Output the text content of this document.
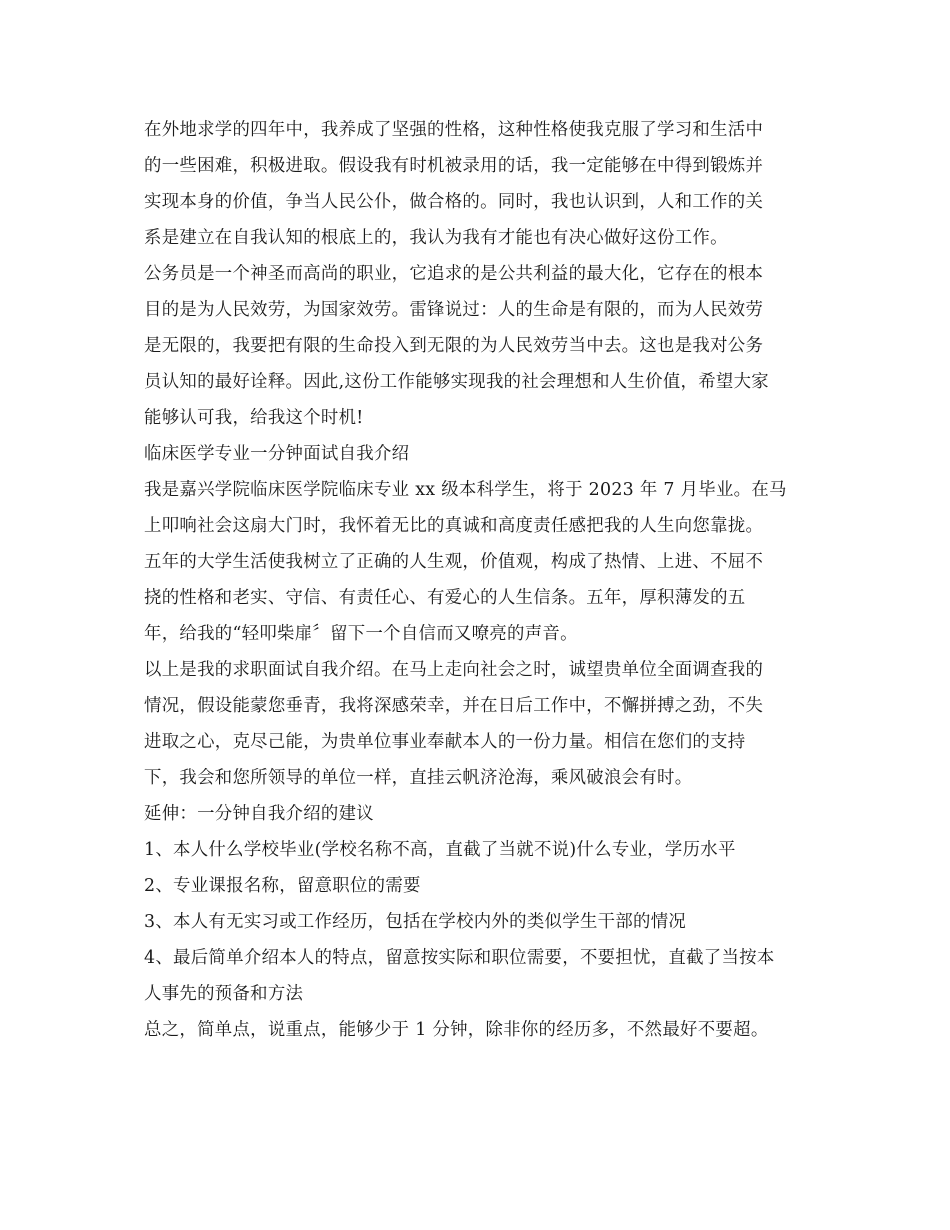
在外地求学的四年中，我养成了坚强的性格，这种性格使我克服了学习和生活中
的一些困难，积极进取。假设我有时机被录用的话，我一定能够在中得到锻炼并
实现本身的价值，争当人民公仆，做合格的。同时，我也认识到，人和工作的关
系是建立在自我认知的根底上的，我认为我有才能也有决心做好这份工作。
公务员是一个神圣而高尚的职业，它追求的是公共利益的最大化，它存在的根本
目的是为人民效劳，为国家效劳。雷锋说过：人的生命是有限的，而为人民效劳
是无限的，我要把有限的生命投入到无限的为人民效劳当中去。这也是我对公务
员认知的最好诠释。因此,这份工作能够实现我的社会理想和人生价值，希望大家
能够认可我，给我这个时机!
临床医学专业一分钟面试自我介绍
我是嘉兴学院临床医学院临床专业 xx 级本科学生，将于 2023 年 7 月毕业。在马
上叩响社会这扇大门时，我怀着无比的真诚和高度责任感把我的人生向您靠拢。
五年的大学生活使我树立了正确的人生观，价值观，构成了热情、上进、不屈不
挠的性格和老实、守信、有责任心、有爱心的人生信条。五年，厚积薄发的五
年，给我的“轻叩柴扉〞留下一个自信而又嘹亮的声音。
以上是我的求职面试自我介绍。在马上走向社会之时，诚望贵单位全面调查我的
情况，假设能蒙您垂青，我将深感荣幸，并在日后工作中，不懈拼搏之劲，不失
进取之心，克尽己能，为贵单位事业奉献本人的一份力量。相信在您们的支持
下，我会和您所领导的单位一样，直挂云帆济沧海，乘风破浪会有时。
延伸：一分钟自我介绍的建议
1、本人什么学校毕业(学校名称不高，直截了当就不说)什么专业，学历水平
2、专业课报名称，留意职位的需要
3、本人有无实习或工作经历，包括在学校内外的类似学生干部的情况
4、最后简单介绍本人的特点，留意按实际和职位需要，不要担忧，直截了当按本
人事先的预备和方法
总之，简单点，说重点，能够少于 1 分钟，除非你的经历多，不然最好不要超。
